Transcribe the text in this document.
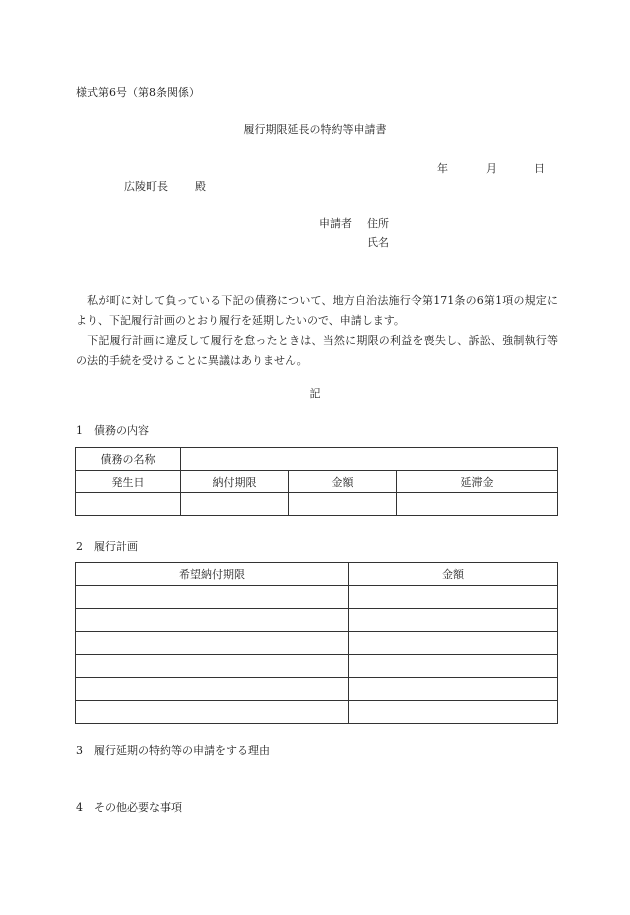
様式第6号（第8条関係）
履行期限延長の特約等申請書
年	月	日
広陵町長 殿
申請者 住所
氏名
　私が町に対して負っている下記の債務について、地方自治法施行令第171条の6第1項の規定により、下記履行計画のとおり履行を延期したいので、申請します。
　下記履行計画に違反して履行を怠ったときは、当然に期限の利益を喪失し、訴訟、強制執行等の法的手続を受けることに異議はありません。
記
1　債務の内容
債務の名称			
発生日	納付期限	金額	延滞金

2　履行計画
希望納付期限	金額

3　履行延期の特約等の申請をする理由
4　その他必要な事項
